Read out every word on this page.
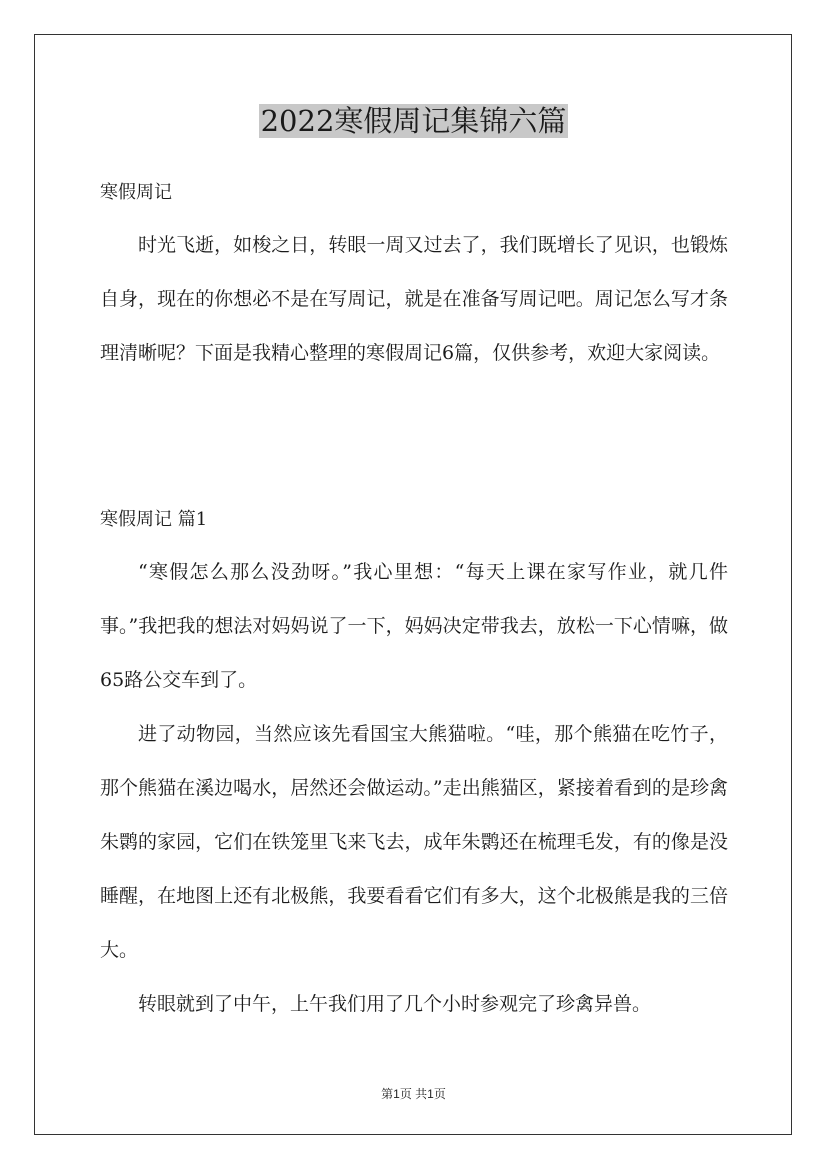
2022寒假周记集锦六篇
寒假周记

时光飞逝，如梭之日，转眼一周又过去了，我们既增长了见识，也锻炼自身，现在的你想必不是在写周记，就是在准备写周记吧。周记怎么写才条理清晰呢？下面是我精心整理的寒假周记6篇，仅供参考，欢迎大家阅读。

寒假周记 篇1

“寒假怎么那么没劲呀。”我心里想：“每天上课在家写作业，就几件事。”我把我的想法对妈妈说了一下，妈妈决定带我去，放松一下心情嘛，做65路公交车到了。

进了动物园，当然应该先看国宝大熊猫啦。“哇，那个熊猫在吃竹子，那个熊猫在溪边喝水，居然还会做运动。”走出熊猫区，紧接着看到的是珍禽朱鹮的家园，它们在铁笼里飞来飞去，成年朱鹮还在梳理毛发，有的像是没睡醒，在地图上还有北极熊，我要看看它们有多大，这个北极熊是我的三倍大。

转眼就到了中午，上午我们用了几个小时参观完了珍禽异兽。

第1页 共1页
